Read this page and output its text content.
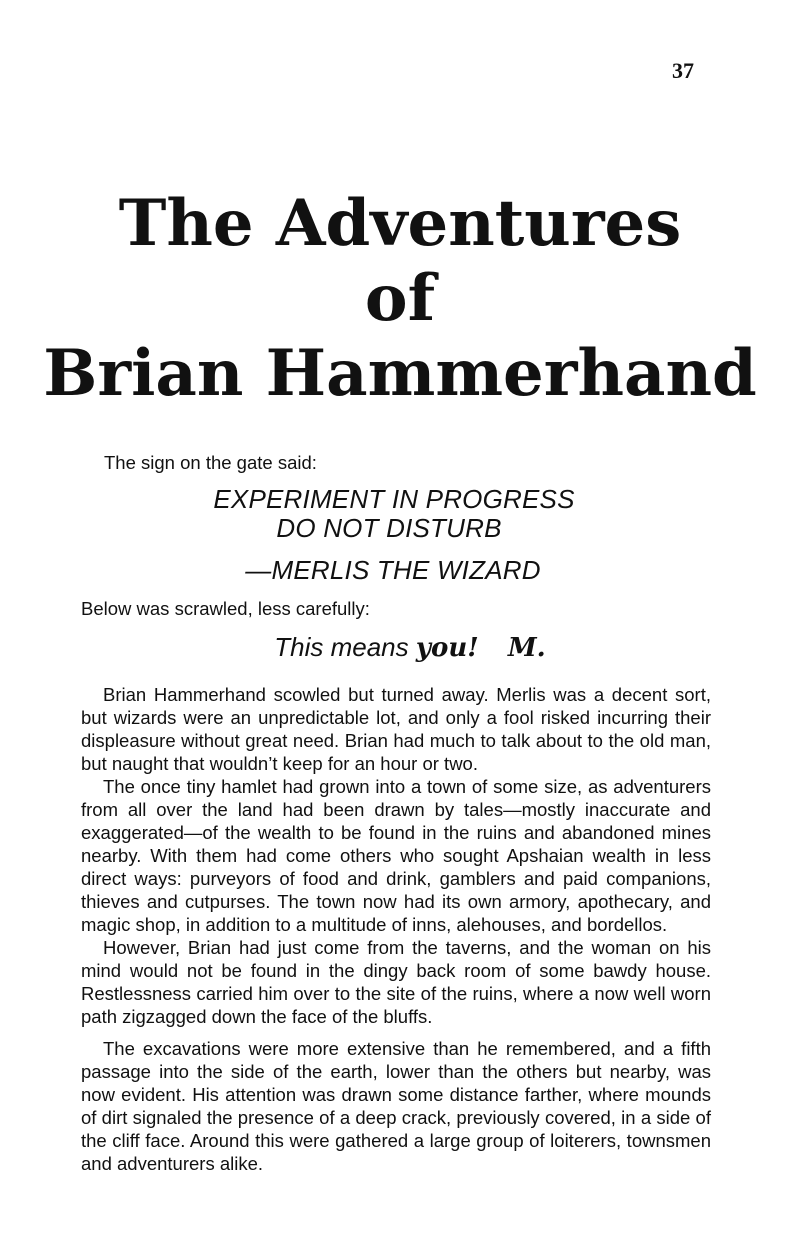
37
The Adventures
of
Brian Hammerhand
The sign on the gate said:
EXPERIMENT IN PROGRESS
DO NOT DISTURB
—MERLIS THE WIZARD
Below was scrawled, less carefully:
This means you! M.

Brian Hammerhand scowled but turned away. Merlis was a decent sort, but wizards were an unpredictable lot, and only a fool risked incurring their displeasure without great need. Brian had much to talk about to the old man, but naught that wouldn’t keep for an hour or two.

The once tiny hamlet had grown into a town of some size, as adventurers from all over the land had been drawn by tales—mostly inaccurate and exaggerated—of the wealth to be found in the ruins and abandoned mines nearby. With them had come others who sought Apshaian wealth in less direct ways: purveyors of food and drink, gamblers and paid companions, thieves and cutpurses. The town now had its own armory, apothecary, and magic shop, in addition to a multitude of inns, alehouses, and bordellos.

However, Brian had just come from the taverns, and the woman on his mind would not be found in the dingy back room of some bawdy house. Restlessness carried him over to the site of the ruins, where a now well worn path zigzagged down the face of the bluffs.

The excavations were more extensive than he remembered, and a fifth passage into the side of the earth, lower than the others but nearby, was now evident. His attention was drawn some distance farther, where mounds of dirt signaled the presence of a deep crack, previously covered, in a side of the cliff face. Around this were gathered a large group of loiterers, townsmen and adventurers alike.
